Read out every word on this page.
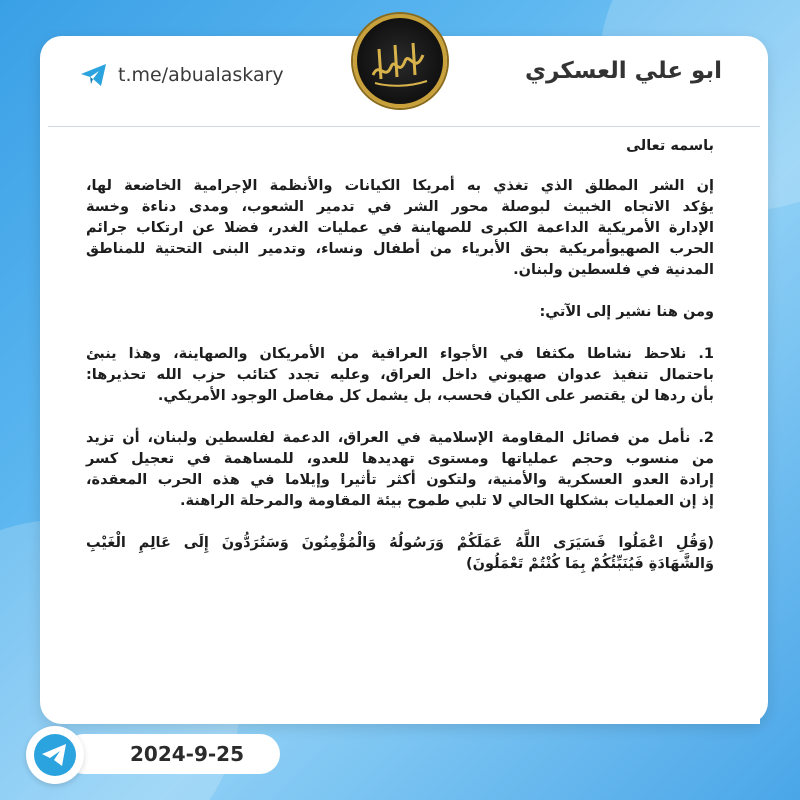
t.me/abualaskary	ابو علي العسكري
باسمه تعالى
إن الشر المطلق الذي تغذي به أمريكا الكيانات والأنظمة الإجرامية الخاضعة لها،
يؤكد الاتجاه الخبيث لبوصلة محور الشر في تدمير الشعوب، ومدى دناءة وخسة
الإدارة الأمريكية الداعمة الكبرى للصهاينة في عمليات الغدر، فضلا عن ارتكاب جرائم
الحرب الصهيوأمريكية بحق الأبرياء من أطفال ونساء، وتدمير البنى التحتية للمناطق
المدنية في فلسطين ولبنان.
ومن هنا نشير إلى الآتي:
1. نلاحظ نشاطا مكثفا في الأجواء العراقية من الأمريكان والصهاينة، وهذا ينبئ
باحتمال تنفيذ عدوان صهيوني داخل العراق، وعليه تجدد كتائب حزب الله تحذيرها:
بأن ردها لن يقتصر على الكيان فحسب، بل يشمل كل مفاصل الوجود الأمريكي.
2. نأمل من فصائل المقاومة الإسلامية في العراق، الدعمة لفلسطين ولبنان، أن تزيد
من منسوب وحجم عملياتها ومستوى تهديدها للعدو، للمساهمة في تعجيل كسر
إرادة العدو العسكرية والأمنية، ولتكون أكثر تأثيرا وإيلاما في هذه الحرب المعقدة،
إذ إن العمليات بشكلها الحالي لا تلبي طموح بيئة المقاومة والمرحلة الراهنة.
(وَقُلِ اعْمَلُوا فَسَيَرَى اللَّهُ عَمَلَكُمْ وَرَسُولُهُ وَالْمُؤْمِنُونَ وَسَتُرَدُّونَ إِلَى عَالِمِ الْغَيْبِ
وَالشَّهَادَةِ فَيُنَبِّئُكُمْ بِمَا كُنْتُمْ تَعْمَلُونَ)
2024-9-25
